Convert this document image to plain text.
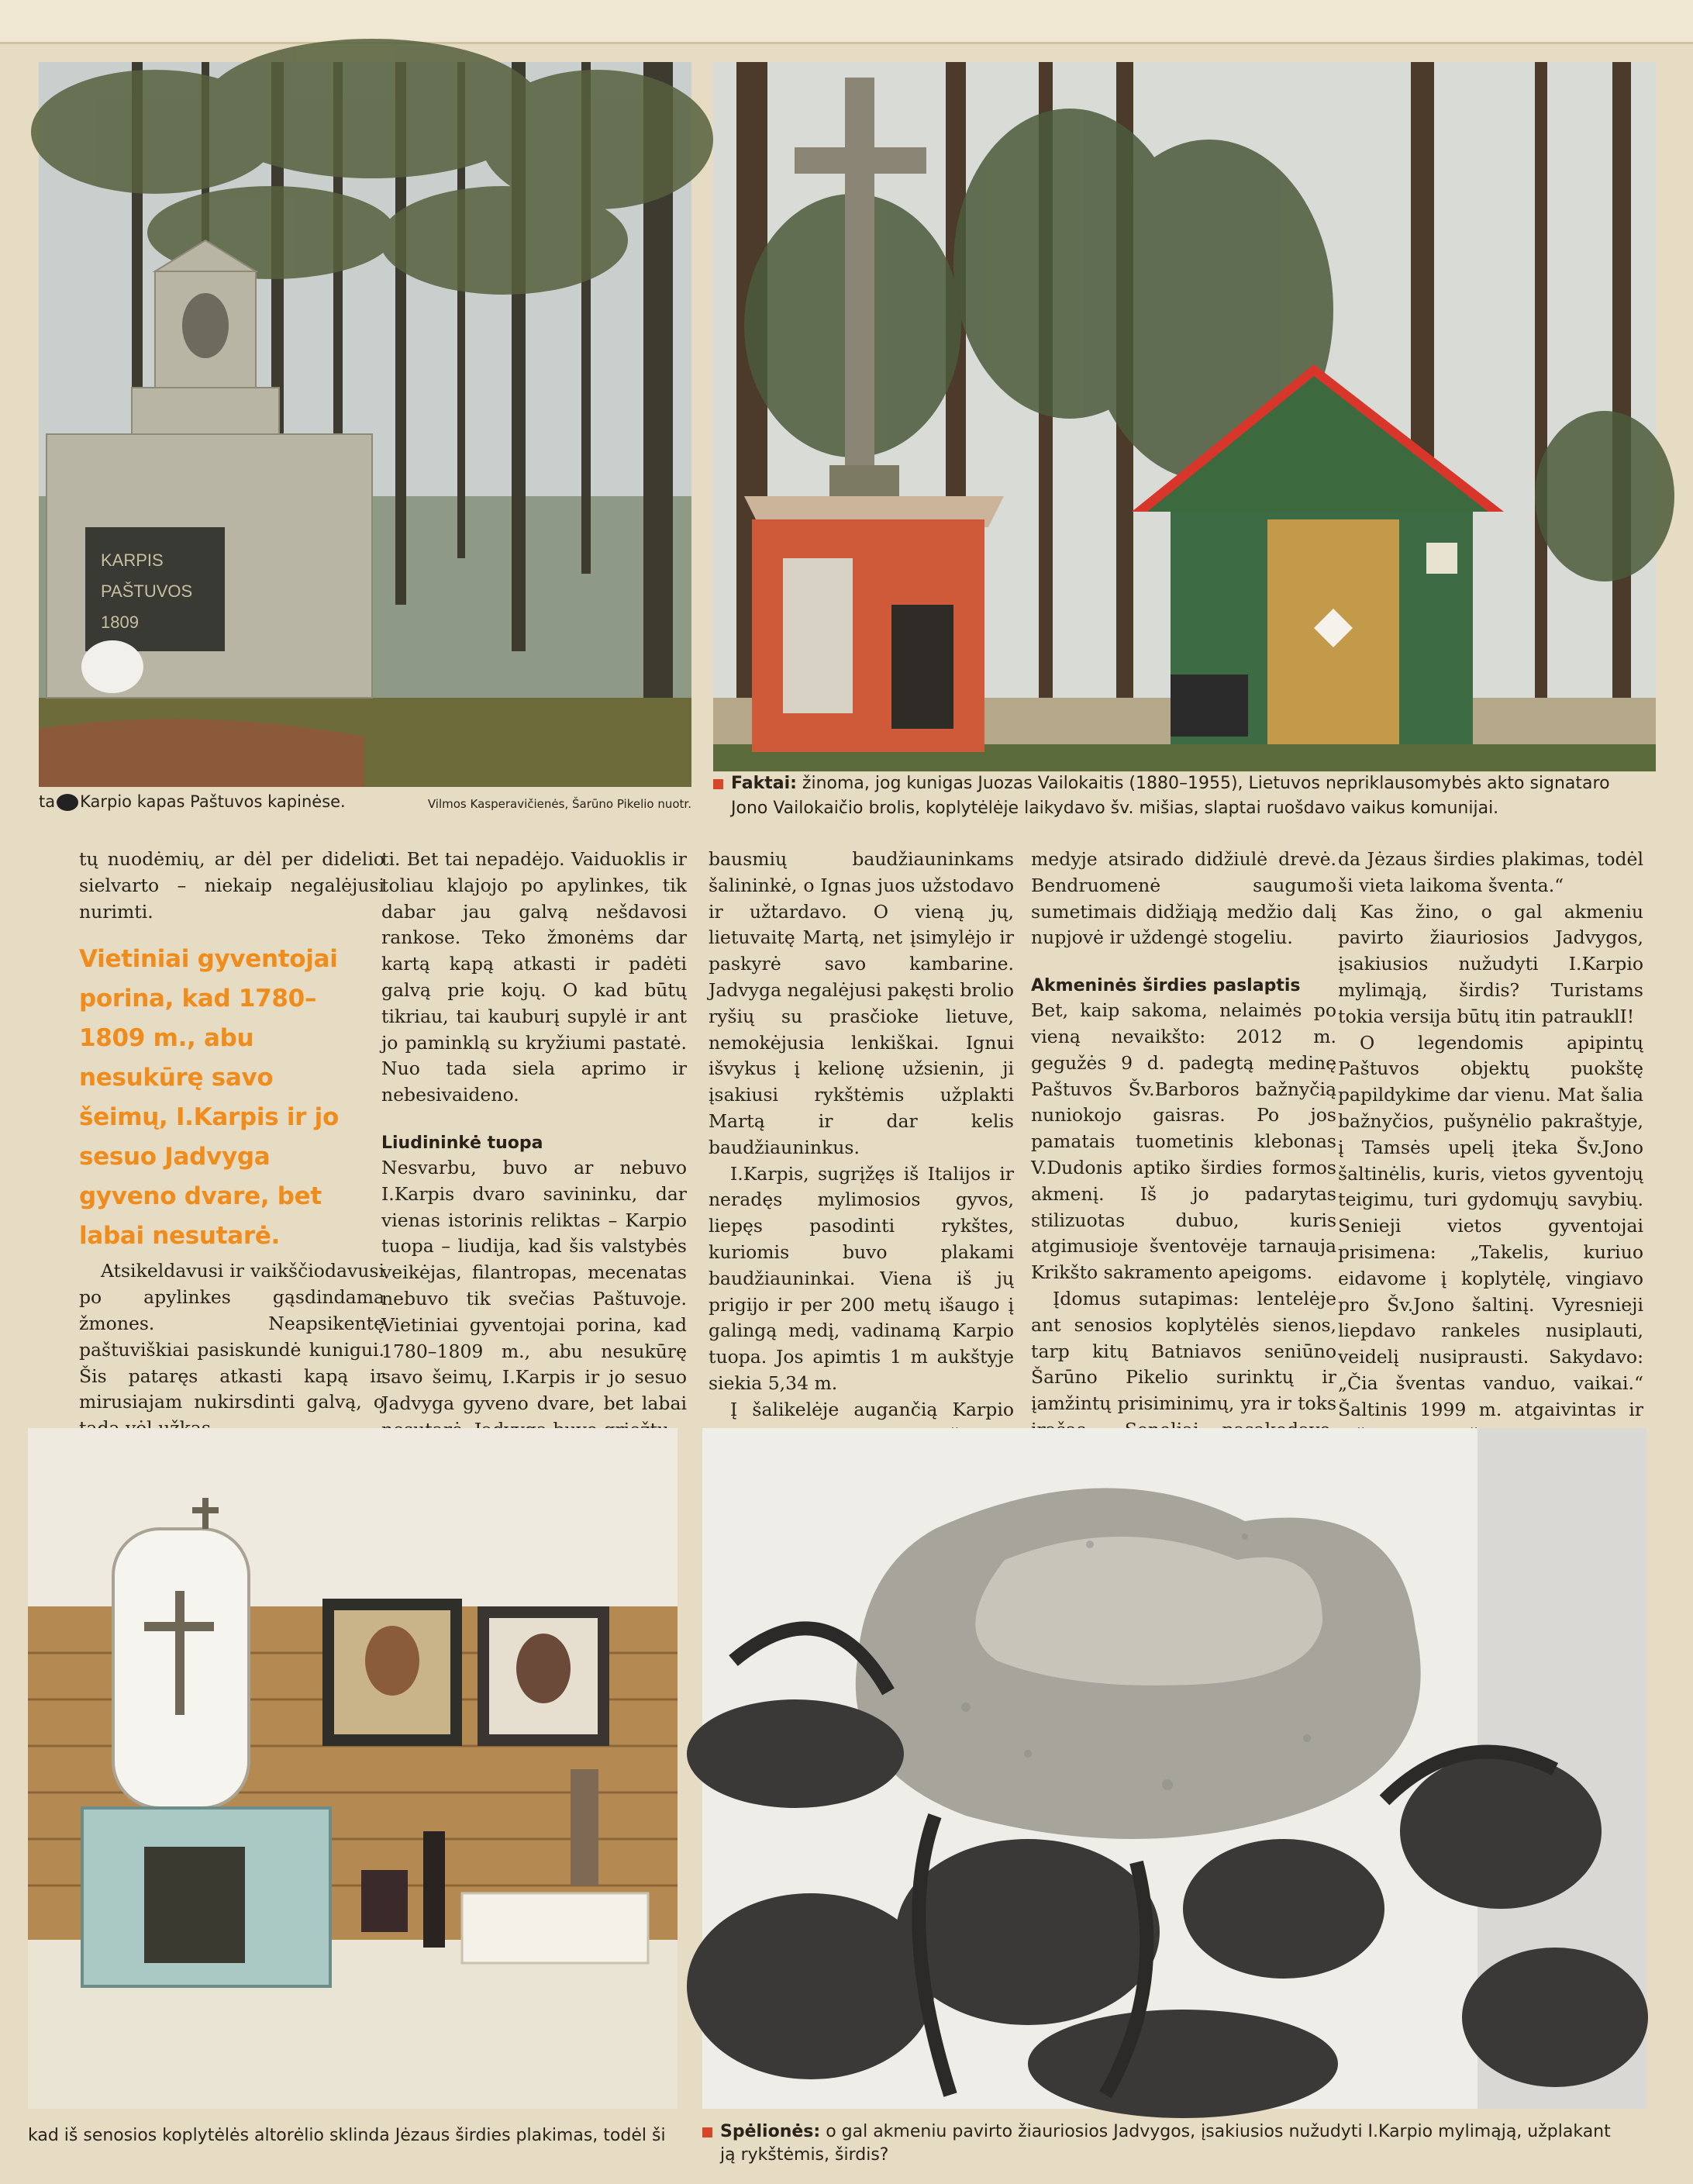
KARPIS
PAŠTUVOS
1809
ta Karpio kapas Paštuvos kapinėse.	Vilmos Kasperavičienės, Šarūno Pikelio nuotr.
Faktai: žinoma, jog kunigas Juozas Vailokaitis (1880–1955), Lietuvos nepriklausomybės akto signataro
Jono Vailokaičio brolis, koplytėlėje laikydavo šv. mišias, slaptai ruošdavo vaikus komunijai.

tų nuodėmių, ar dėl per didelio sielvarto – niekaip negalėjusi nurimti.

Atsikeldavusi ir vaikščiodavusi po apylinkes gąsdindama žmones. Neapsikentę paštuviškiai pasiskundė kunigui. Šis pataręs atkasti kapą ir mirusiajam nukirsdinti galvą, o

Vietiniai gyventojai porina, kad 1780–1809 m., abu nesukūrę savo šeimų, I.Karpis ir jo sesuo Jadvyga gyveno dvare, bet labai nesutarė.

ti. Bet tai nepadėjo. Vaiduoklis ir toliau klajojo po apylinkes, tik dabar jau galvą nešdavosi rankose. Teko žmonėms dar kartą kapą atkasti ir padėti galvą prie kojų. O kad būtų tikriau, tai kauburį supylė ir ant jo paminklą su kryžiumi pastatė. Nuo tada siela aprimo ir nebesivaideno.

Liudininkė tuopa

Nesvarbu, buvo ar nebuvo I.Karpis dvaro savininku, dar vienas istorinis reliktas – Karpio tuopa – liudija, kad šis valstybės veikėjas, filantropas, mecenatas nebuvo tik svečias Paštuvoje. Vietiniai gyventojai porina, kad 1780–1809 m., abu nesukūrę savo šeimų, I.Karpis ir jo sesuo Jadvyga gyveno dvare, bet labai

bausmių baudžiauninkams šalininkė, o Ignas juos užstodavo ir užtardavo. O vieną jų, lietuvaitę Martą, net įsimylėjo ir paskyrė savo kambarine. Jadvyga negalėjusi pakęsti brolio ryšių su prasčioke lietuve, nemokėjusia lenkiškai. Ignui išvykus į kelionę užsienin, ji įsakiusi rykštėmis užplakti Martą ir dar kelis baudžiauninkus.

I.Karpis, sugrįžęs iš Italijos ir neradęs mylimosios gyvos, liepęs pasodinti rykštes, kuriomis buvo plakami baudžiauninkai. Viena iš jų prigijo ir per 200 metų išaugo į galingą medį, vadinamą Karpio tuopa. Jos apimtis 1 m aukštyje siekia 5,34 m.

Į šalikelėje augančią Karpio

medyje atsirado didžiulė drevė. Bendruomenė saugumo sumetimais didžiąją medžio dalį nupjovė ir uždengė stogeliu.

Akmeninės širdies paslaptis

Bet, kaip sakoma, nelaimės po vieną nevaikšto: 2012 m. gegužės 9 d. padegtą medinę Paštuvos Šv.Barboros bažnyčią nuniokojo gaisras. Po jos pamatais tuometinis klebonas V.Dudonis aptiko širdies formos akmenį. Iš jo padarytas stilizuotas dubuo, kuris atgimusioje šventovėje tarnauja Krikšto sakramento apeigoms.

Įdomus sutapimas: lentelėje ant senosios koplytėlės sienos, tarp kitų Batniavos seniūno Šarūno Pikelio surinktų ir įamžintų prisiminimų, yra ir toks

da Jėzaus širdies plakimas, todėl ši vieta laikoma šventa.“

Kas žino, o gal akmeniu pavirto žiauriosios Jadvygos, įsakiusios nužudyti I.Karpio mylimąją, širdis? Turistams tokia versija būtų itin patrauklI!

O legendomis apipintų Paštuvos objektų puokštę papildykime dar vienu. Mat šalia bažnyčios, pušynėlio pakraštyje, į Tamsės upelį įteka Šv.Jono šaltinėlis, kuris, vietos gyventojų teigimu, turi gydomųjų savybių. Senieji vietos gyventojai prisimena: „Takelis, kuriuo eidavome į koplytėlę, vingiavo pro Šv.Jono šaltinį. Vyresnieji liepdavo rankeles nusiplauti, veidelį nusiprausti. Sakydavo: „Čia šventas vanduo, vaikai.“ Šaltinis 1999 m. atgaivintas ir

kad iš senosios koplytėlės altorėlio sklinda Jėzaus širdies plakimas, todėl ši	Spėlionės: o gal akmeniu pavirto žiauriosios Jadvygos, įsakiusios nužudyti I.Karpio mylimąją, užplakant
ją rykštėmis, širdis?
